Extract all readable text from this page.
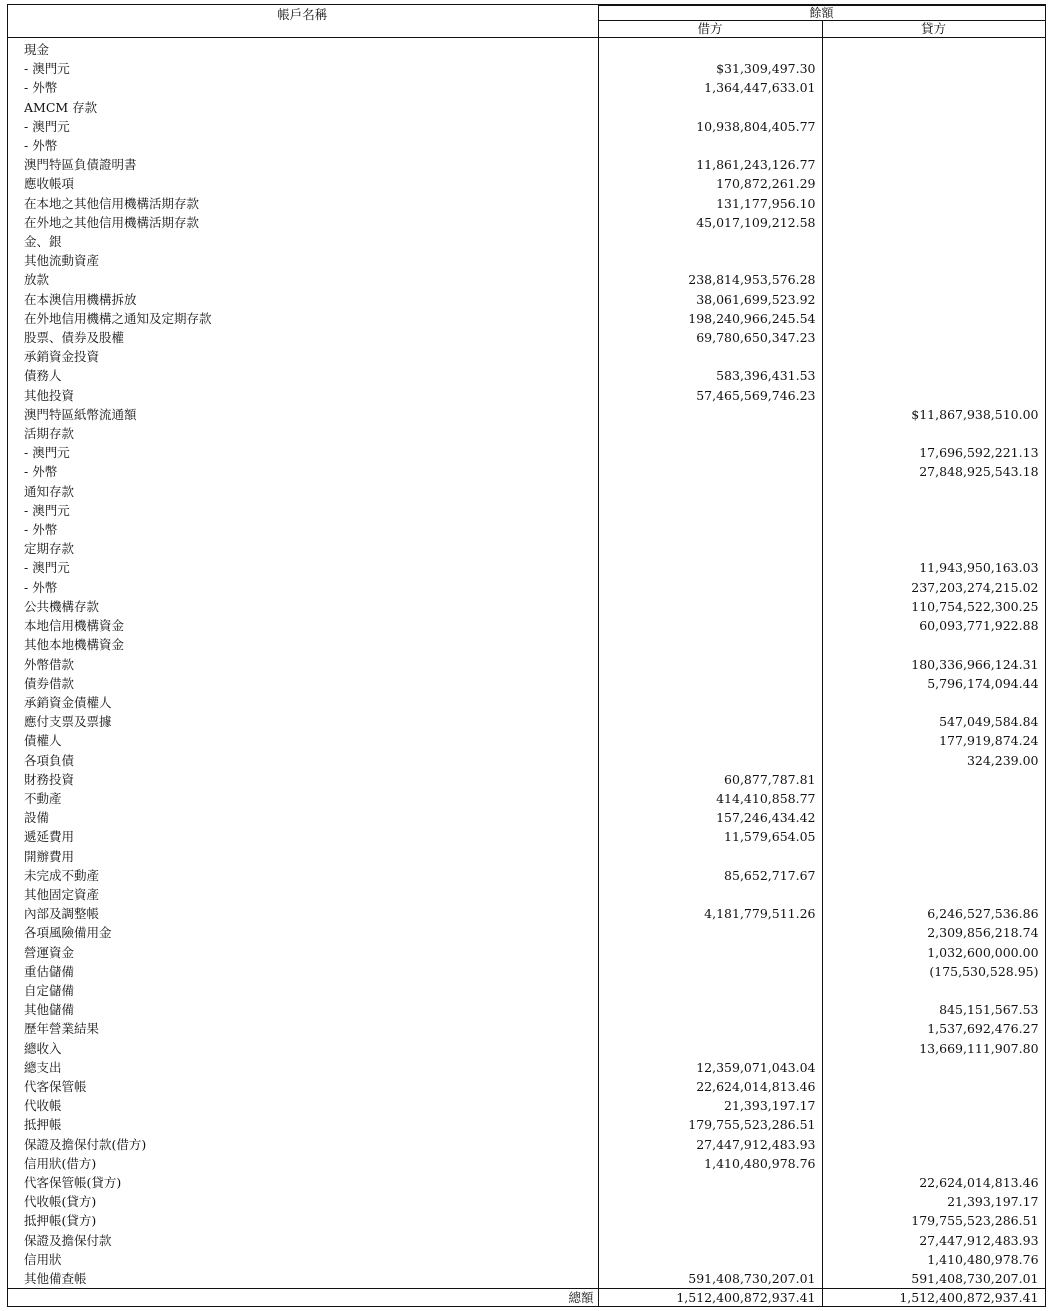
帳戶名稱	餘額	
	借方	貸方
現金		
- 澳門元	$31,309,497.30	
- 外幣	1,364,447,633.01	
AMCM 存款		
- 澳門元	10,938,804,405.77	
- 外幣		
澳門特區負債證明書	11,861,243,126.77	
應收帳項	170,872,261.29	
在本地之其他信用機構活期存款	131,177,956.10	
在外地之其他信用機構活期存款	45,017,109,212.58	
金、銀		
其他流動資產		
放款	238,814,953,576.28	
在本澳信用機構拆放	38,061,699,523.92	
在外地信用機構之通知及定期存款	198,240,966,245.54	
股票、債券及股權	69,780,650,347.23	
承銷資金投資		
債務人	583,396,431.53	
其他投資	57,465,569,746.23	
澳門特區紙幣流通額		$11,867,938,510.00
活期存款		
- 澳門元		17,696,592,221.13
- 外幣		27,848,925,543.18
通知存款		
- 澳門元		
- 外幣		
定期存款		
- 澳門元		11,943,950,163.03
- 外幣		237,203,274,215.02
公共機構存款		110,754,522,300.25
本地信用機構資金		60,093,771,922.88
其他本地機構資金		
外幣借款		180,336,966,124.31
債券借款		5,796,174,094.44
承銷資金債權人		
應付支票及票據		547,049,584.84
債權人		177,919,874.24
各項負債		324,239.00
財務投資	60,877,787.81	
不動產	414,410,858.77	
設備	157,246,434.42	
遞延費用	11,579,654.05	
開辦費用		
未完成不動產	85,652,717.67	
其他固定資產		
內部及調整帳	4,181,779,511.26	6,246,527,536.86
各項風險備用金		2,309,856,218.74
營運資金		1,032,600,000.00
重估儲備		(175,530,528.95)
自定儲備		
其他儲備		845,151,567.53
歷年營業結果		1,537,692,476.27
總收入		13,669,111,907.80
總支出	12,359,071,043.04	
代客保管帳	22,624,014,813.46	
代收帳	21,393,197.17	
抵押帳	179,755,523,286.51	
保證及擔保付款(借方)	27,447,912,483.93	
信用狀(借方)	1,410,480,978.76	
代客保管帳(貸方)		22,624,014,813.46
代收帳(貸方)		21,393,197.17
抵押帳(貸方)		179,755,523,286.51
保證及擔保付款		27,447,912,483.93
信用狀		1,410,480,978.76
其他備查帳	591,408,730,207.01	591,408,730,207.01
總額	1,512,400,872,937.41	1,512,400,872,937.41
